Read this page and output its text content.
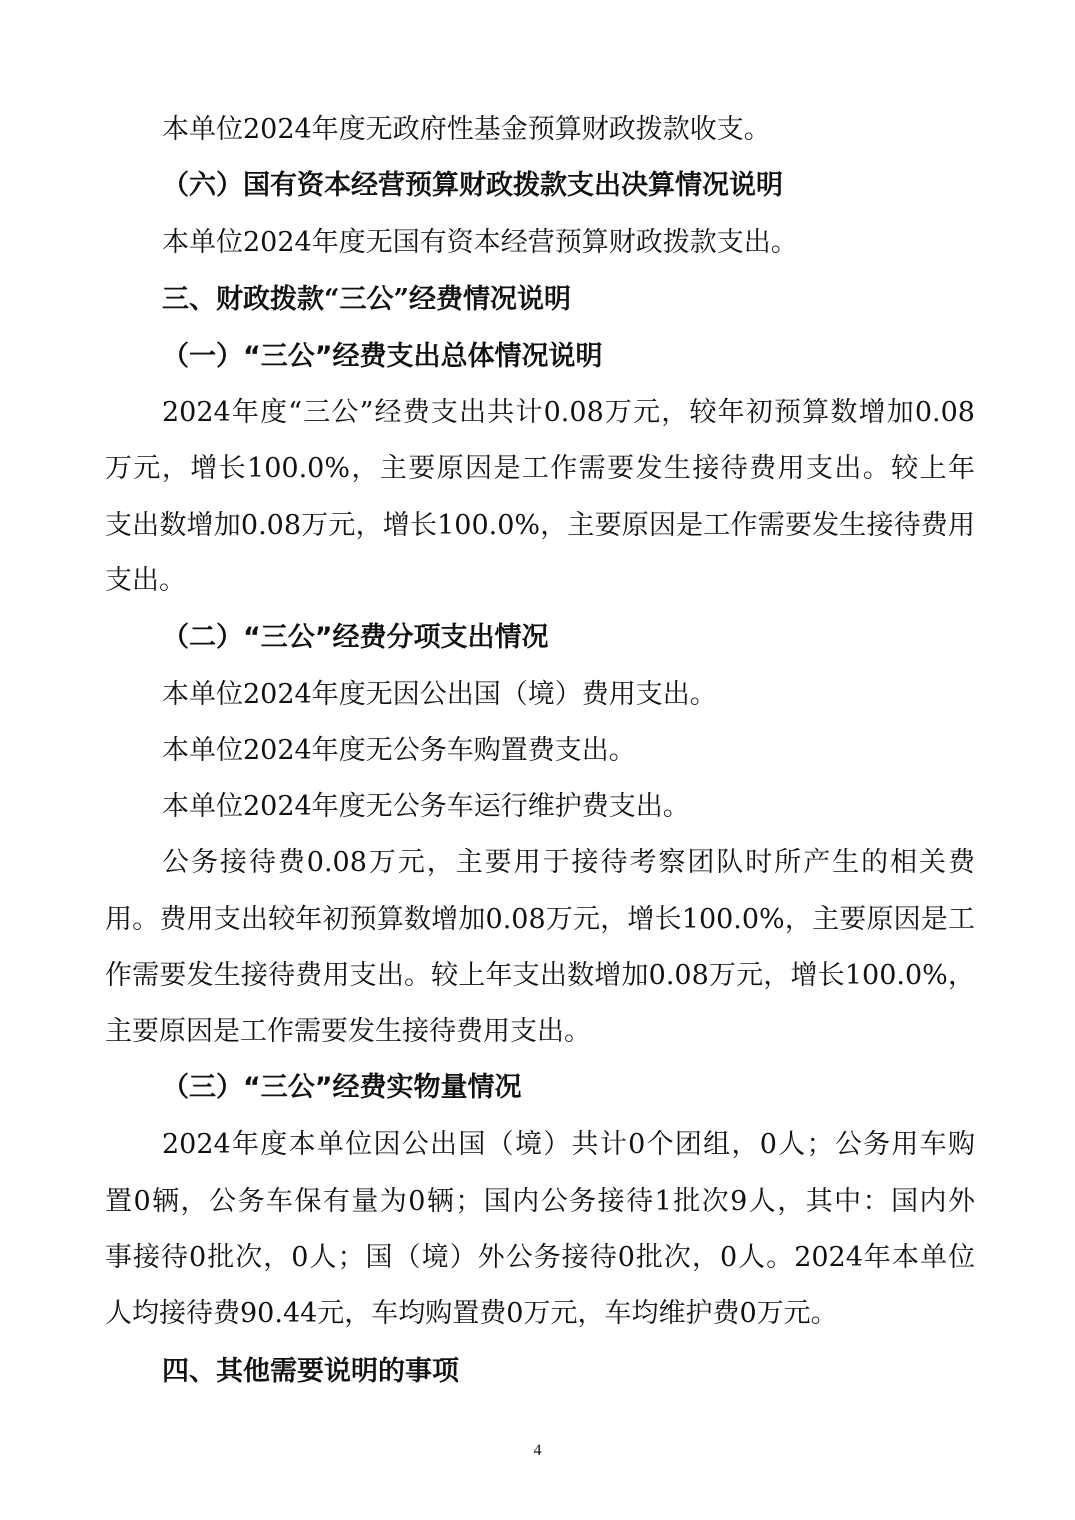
本单位2024年度无政府性基金预算财政拨款收支。
（六）国有资本经营预算财政拨款支出决算情况说明
本单位2024年度无国有资本经营预算财政拨款支出。
三、财政拨款“三公”经费情况说明
（一）“三公”经费支出总体情况说明
2024年度“三公”经费支出共计0.08万元，较年初预算数增加0.08
万元，增长100.0%，主要原因是工作需要发生接待费用支出。较上年
支出数增加0.08万元，增长100.0%，主要原因是工作需要发生接待费用
支出。
（二）“三公”经费分项支出情况
本单位2024年度无因公出国（境）费用支出。
本单位2024年度无公务车购置费支出。
本单位2024年度无公务车运行维护费支出。
公务接待费0.08万元，主要用于接待考察团队时所产生的相关费
用。费用支出较年初预算数增加0.08万元，增长100.0%，主要原因是工
作需要发生接待费用支出。较上年支出数增加0.08万元，增长100.0%，
主要原因是工作需要发生接待费用支出。
（三）“三公”经费实物量情况
2024年度本单位因公出国（境）共计0个团组，0人；公务用车购
置0辆，公务车保有量为0辆；国内公务接待1批次9人，其中：国内外
事接待0批次，0人；国（境）外公务接待0批次，0人。2024年本单位
人均接待费90.44元，车均购置费0万元，车均维护费0万元。
四、其他需要说明的事项
4
